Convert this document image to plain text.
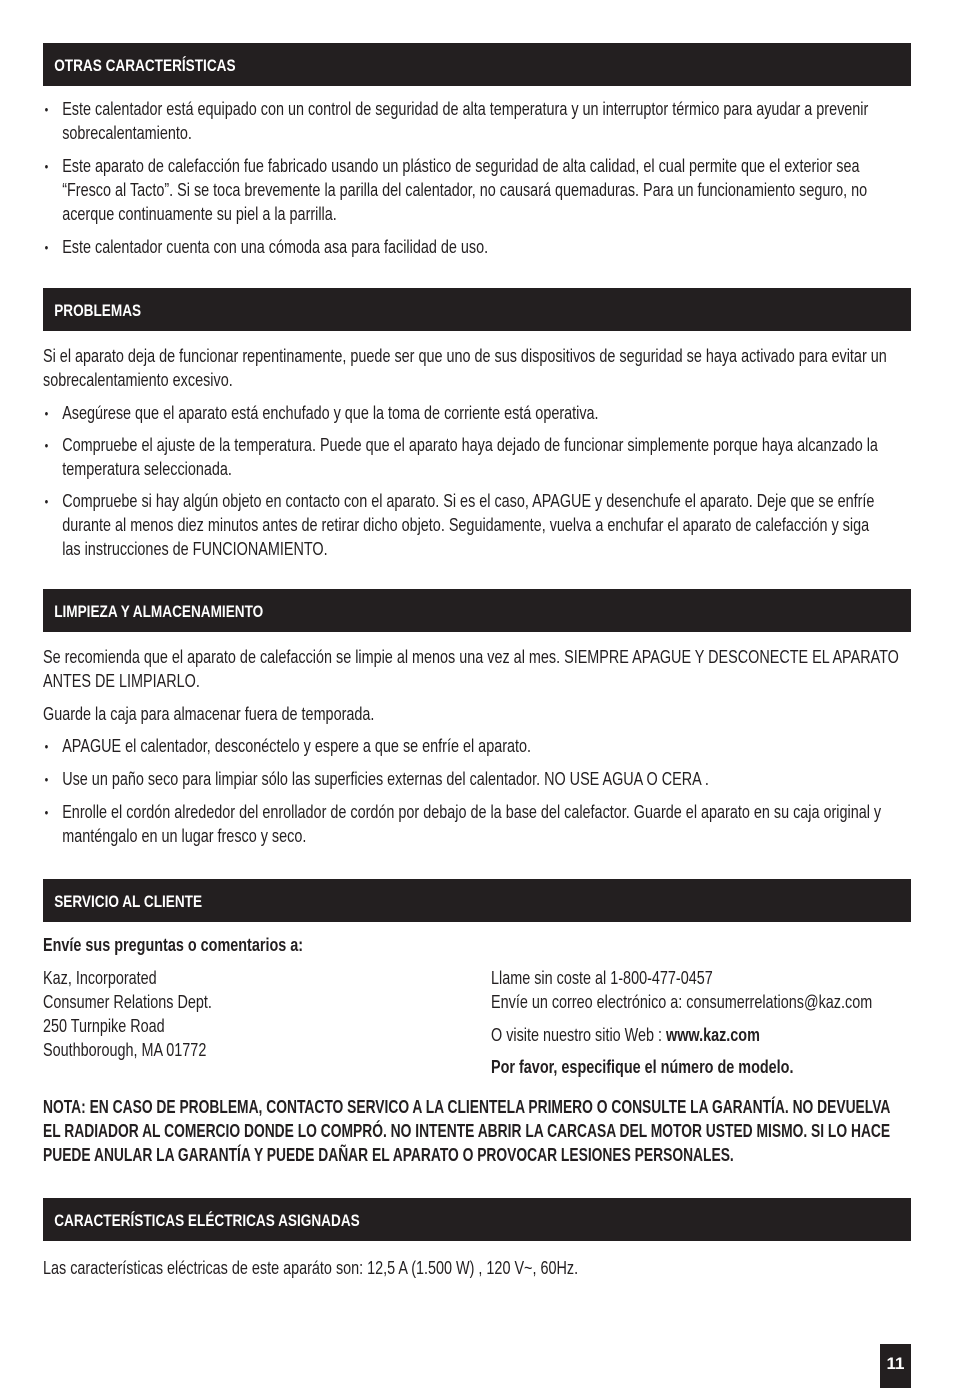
OTRAS CARACTERÍSTICAS
• Este calentador está equipado con un control de seguridad de alta temperatura y un interruptor térmico para ayudar a prevenir sobrecalentamiento.
• Este aparato de calefacción fue fabricado usando un plástico de seguridad de alta calidad, el cual permite que el exterior sea “Fresco al Tacto”. Si se toca brevemente la parilla del calentador, no causará quemaduras. Para un funcionamiento seguro, no acerque continuamente su piel a la parrilla.
• Este calentador cuenta con una cómoda asa para facilidad de uso.
PROBLEMAS

Si el aparato deja de funcionar repentinamente, puede ser que uno de sus dispositivos de seguridad se haya activado para evitar un sobrecalentamiento excesivo.

• Asegúrese que el aparato está enchufado y que la toma de corriente está operativa.
• Compruebe el ajuste de la temperatura. Puede que el aparato haya dejado de funcionar simplemente porque haya alcanzado la temperatura seleccionada.
• Compruebe si hay algún objeto en contacto con el aparato. Si es el caso, APAGUE y desenchufe el aparato. Deje que se enfríe durante al menos diez minutos antes de retirar dicho objeto. Seguidamente, vuelva a enchufar el aparato de calefacción y siga las instrucciones de FUNCIONAMIENTO.
LIMPIEZA Y ALMACENAMIENTO

Se recomienda que el aparato de calefacción se limpie al menos una vez al mes. SIEMPRE APAGUE Y DESCONECTE EL APARATO ANTES DE LIMPIARLO.

Guarde la caja para almacenar fuera de temporada.

• APAGUE el calentador, desconéctelo y espere a que se enfríe el aparato.
• Use un paño seco para limpiar sólo las superficies externas del calentador. NO USE AGUA O CERA .
• Enrolle el cordón alrededor del enrollador de cordón por debajo de la base del calefactor. Guarde el aparato en su caja original y manténgalo en un lugar fresco y seco.
SERVICIO AL CLIENTE
Envíe sus preguntas o comentarios a:
Kaz, Incorporated
Consumer Relations Dept.
250 Turnpike Road
Southborough, MA 01772
Llame sin coste al 1-800-477-0457
Envíe un correo electrónico a: consumerrelations@kaz.com
O visite nuestro sitio Web : www.kaz.com
Por favor, especifique el número de modelo.
NOTA: EN CASO DE PROBLEMA, CONTACTO SERVICO A LA CLIENTELA PRIMERO O CONSULTE LA GARANTÍA. NO DEVUELVA EL RADIADOR AL COMERCIO DONDE LO COMPRÓ. NO INTENTE ABRIR LA CARCASA DEL MOTOR USTED MISMO. SI LO HACE PUEDE ANULAR LA GARANTÍA Y PUEDE DAÑAR EL APARATO O PROVOCAR LESIONES PERSONALES.
CARACTERÍSTICAS ELÉCTRICAS ASIGNADAS

Las características eléctricas de este aparáto son: 12,5 A (1.500 W) , 120 V~, 60Hz.

11
